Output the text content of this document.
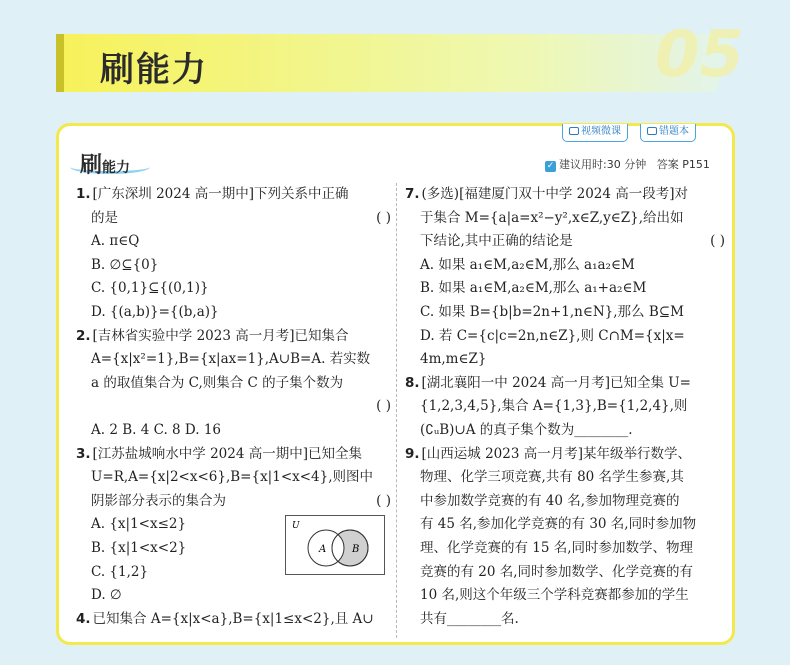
刷能力	05
视频微课	错题本
刷能力	✓ 建议用时:30 分钟 答案 P151
1. [广东深圳 2024 高一期中]下列关系中正确
的是	( )
A. π∈Q
B. ∅⊆{0}
C. {0,1}⊆{(0,1)}
D. {(a,b)}={(b,a)}
2. [吉林省实验中学 2023 高一月考]已知集合
A={x|x²=1},B={x|ax=1},A∪B=A. 若实数
a 的取值集合为 C,则集合 C 的子集个数为
( )
A. 2 B. 4 C. 8 D. 16
3. [江苏盐城响水中学 2024 高一期中]已知全集
U=R,A={x|2<x<6},B={x|1<x<4},则图中
阴影部分表示的集合为	( )
A. {x|1<x≤2}
B. {x|1<x<2}
C. {1,2}
D. ∅
4. 已知集合 A={x|x<a},B={x|1≤x<2},且 A∪
7. (多选)[福建厦门双十中学 2024 高一段考]对
于集合 M={a|a=x²−y²,x∈Z,y∈Z},给出如
下结论,其中正确的结论是	( )
A. 如果 a₁∈M,a₂∈M,那么 a₁a₂∈M
B. 如果 a₁∈M,a₂∈M,那么 a₁+a₂∈M
C. 如果 B={b|b=2n+1,n∈N},那么 B⊆M
D. 若 C={c|c=2n,n∈Z},则 C∩M={x|x=
4m,m∈Z}
8. [湖北襄阳一中 2024 高一月考]已知全集 U=
{1,2,3,4,5},集合 A={1,3},B={1,2,4},则
(∁ᵤB)∪A 的真子集个数为________.
9. [山西运城 2023 高一月考]某年级举行数学、
物理、化学三项竞赛,共有 80 名学生参赛,其
中参加数学竞赛的有 40 名,参加物理竞赛的
有 45 名,参加化学竞赛的有 30 名,同时参加物
理、化学竞赛的有 15 名,同时参加数学、物理
竞赛的有 20 名,同时参加数学、化学竞赛的有
10 名,则这个年级三个学科竞赛都参加的学生
共有________名.
U
A	B
